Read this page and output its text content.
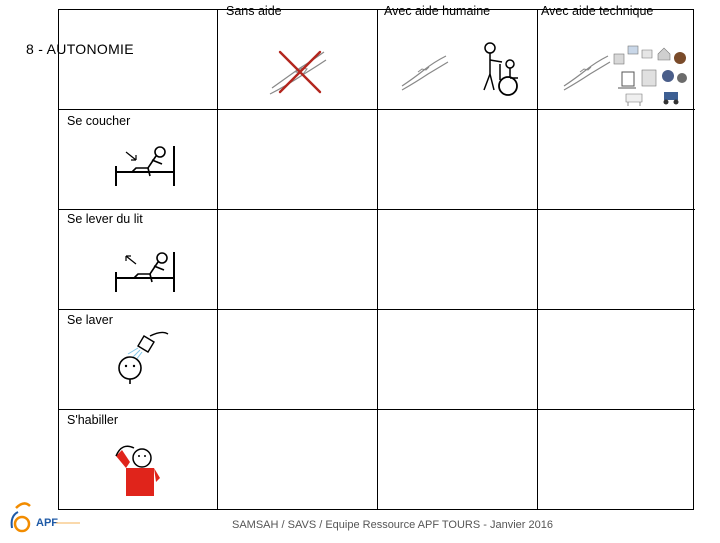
Sans aide	Avec aide humaine	Avec aide technique
8 - AUTONOMIE
Se coucher
Se lever du lit
Se laver
S'habiller
SAMSAH / SAVS / Equipe Ressource APF TOURS - Janvier 2016
APF
